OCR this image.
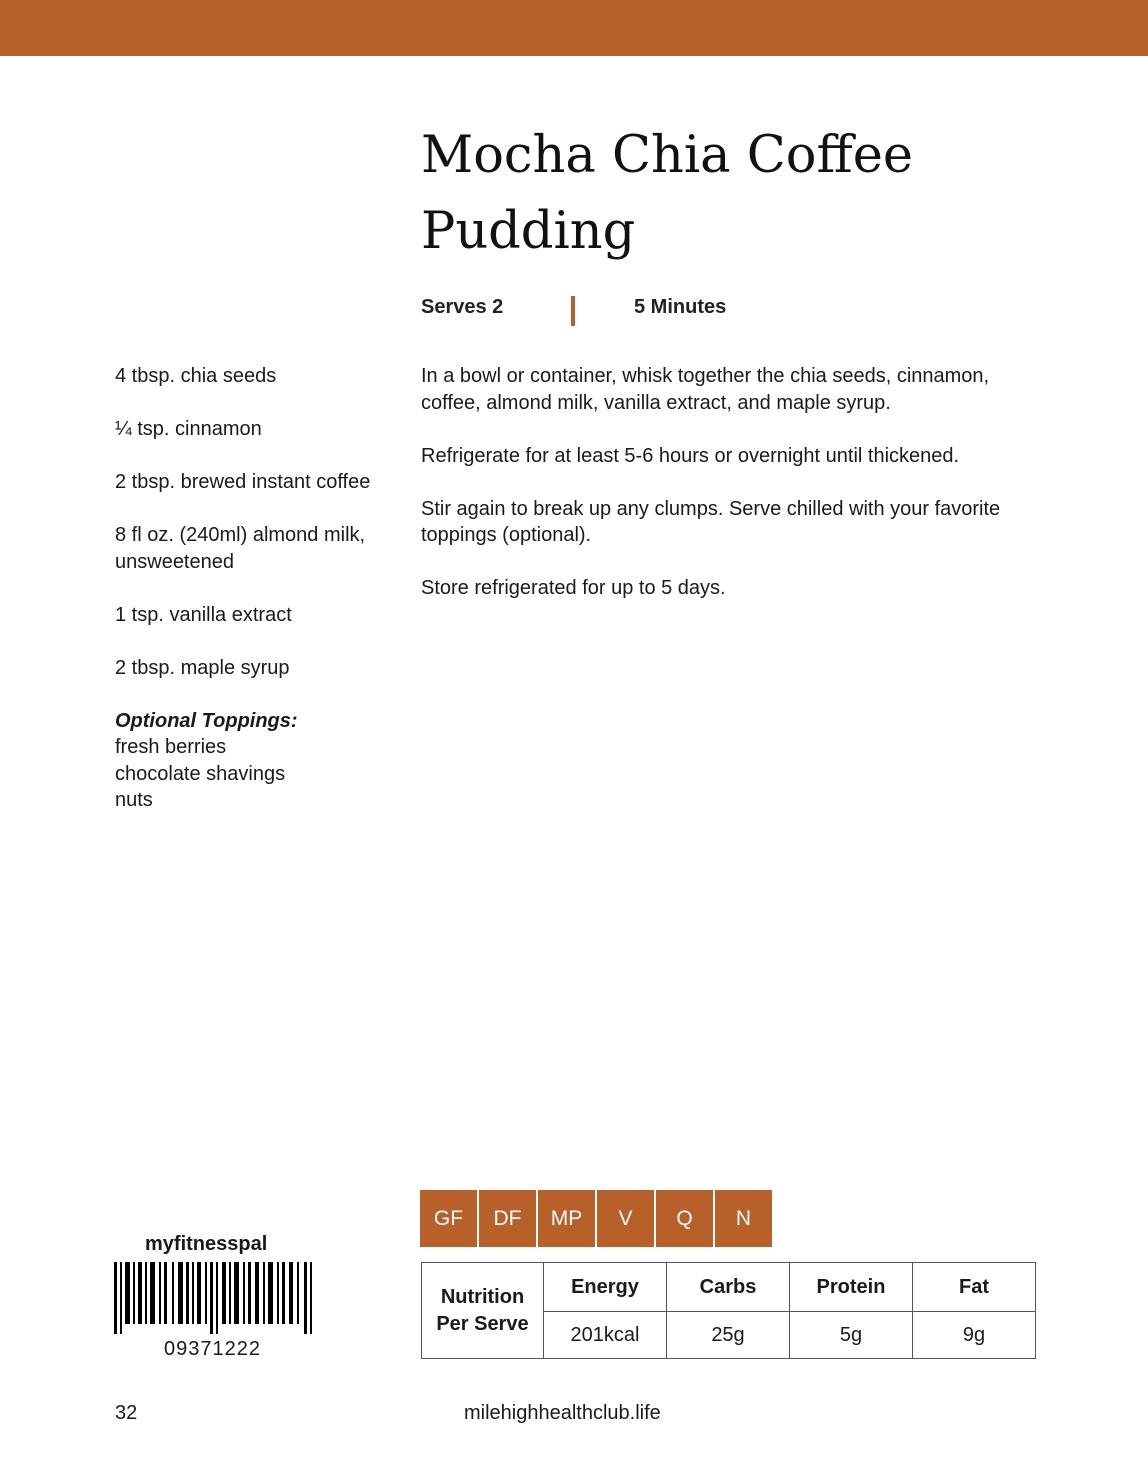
Mocha Chia Coffee Pudding
Serves 2	5 Minutes

4 tbsp. chia seeds

¼ tsp. cinnamon

2 tbsp. brewed instant coffee

8 fl oz. (240ml) almond milk, unsweetened

1 tsp. vanilla extract

2 tbsp. maple syrup

Optional Toppings:
fresh berries
chocolate shavings
nuts

In a bowl or container, whisk together the chia seeds, cinnamon, coffee, almond milk, vanilla extract, and maple syrup.

Refrigerate for at least 5-6 hours or overnight until thickened.

Stir again to break up any clumps. Serve chilled with your favorite toppings (optional).

Store refrigerated for up to 5 days.

GF	DF	MP	V	Q	N
Nutrition Per Serve	Energy	Carbs	Protein	Fat
	201kcal	25g	5g	9g
myfitnesspal
09371222
32	milehighhealthclub.life
